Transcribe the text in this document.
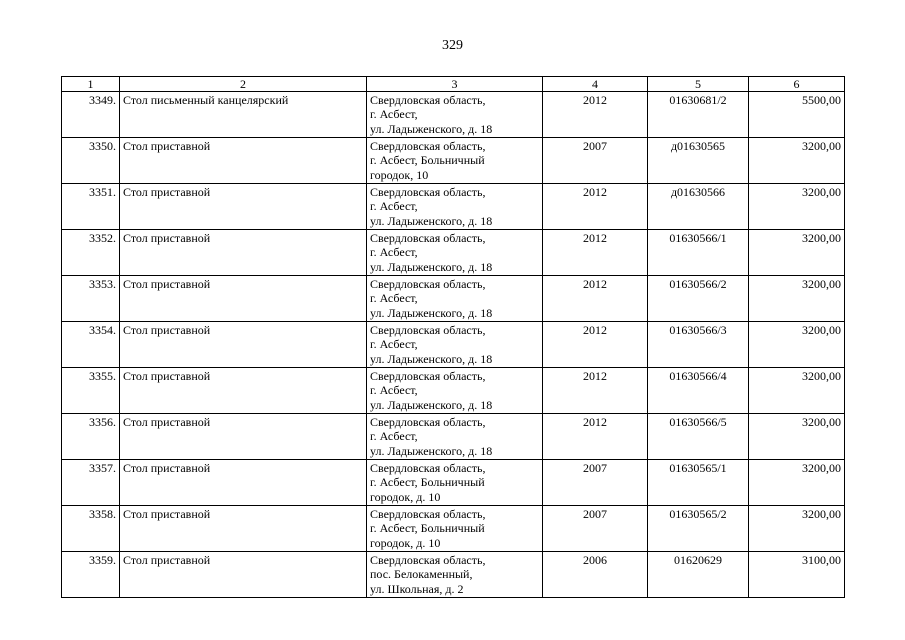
329
1	2	3	4	5	6
3349.	Стол письменный канцелярский	Свердловская область,
г. Асбест,
ул. Ладыженского, д. 18	2012	01630681/2	5500,00
3350.	Стол приставной	Свердловская область,
г. Асбест, Больничный
городок, 10	2007	д01630565	3200,00
3351.	Стол приставной	Свердловская область,
г. Асбест,
ул. Ладыженского, д. 18	2012	д01630566	3200,00
3352.	Стол приставной	Свердловская область,
г. Асбест,
ул. Ладыженского, д. 18	2012	01630566/1	3200,00
3353.	Стол приставной	Свердловская область,
г. Асбест,
ул. Ладыженского, д. 18	2012	01630566/2	3200,00
3354.	Стол приставной	Свердловская область,
г. Асбест,
ул. Ладыженского, д. 18	2012	01630566/3	3200,00
3355.	Стол приставной	Свердловская область,
г. Асбест,
ул. Ладыженского, д. 18	2012	01630566/4	3200,00
3356.	Стол приставной	Свердловская область,
г. Асбест,
ул. Ладыженского, д. 18	2012	01630566/5	3200,00
3357.	Стол приставной	Свердловская область,
г. Асбест, Больничный
городок, д. 10	2007	01630565/1	3200,00
3358.	Стол приставной	Свердловская область,
г. Асбест, Больничный
городок, д. 10	2007	01630565/2	3200,00
3359.	Стол приставной	Свердловская область,
пос. Белокаменный,
ул. Школьная, д. 2	2006	01620629	3100,00
